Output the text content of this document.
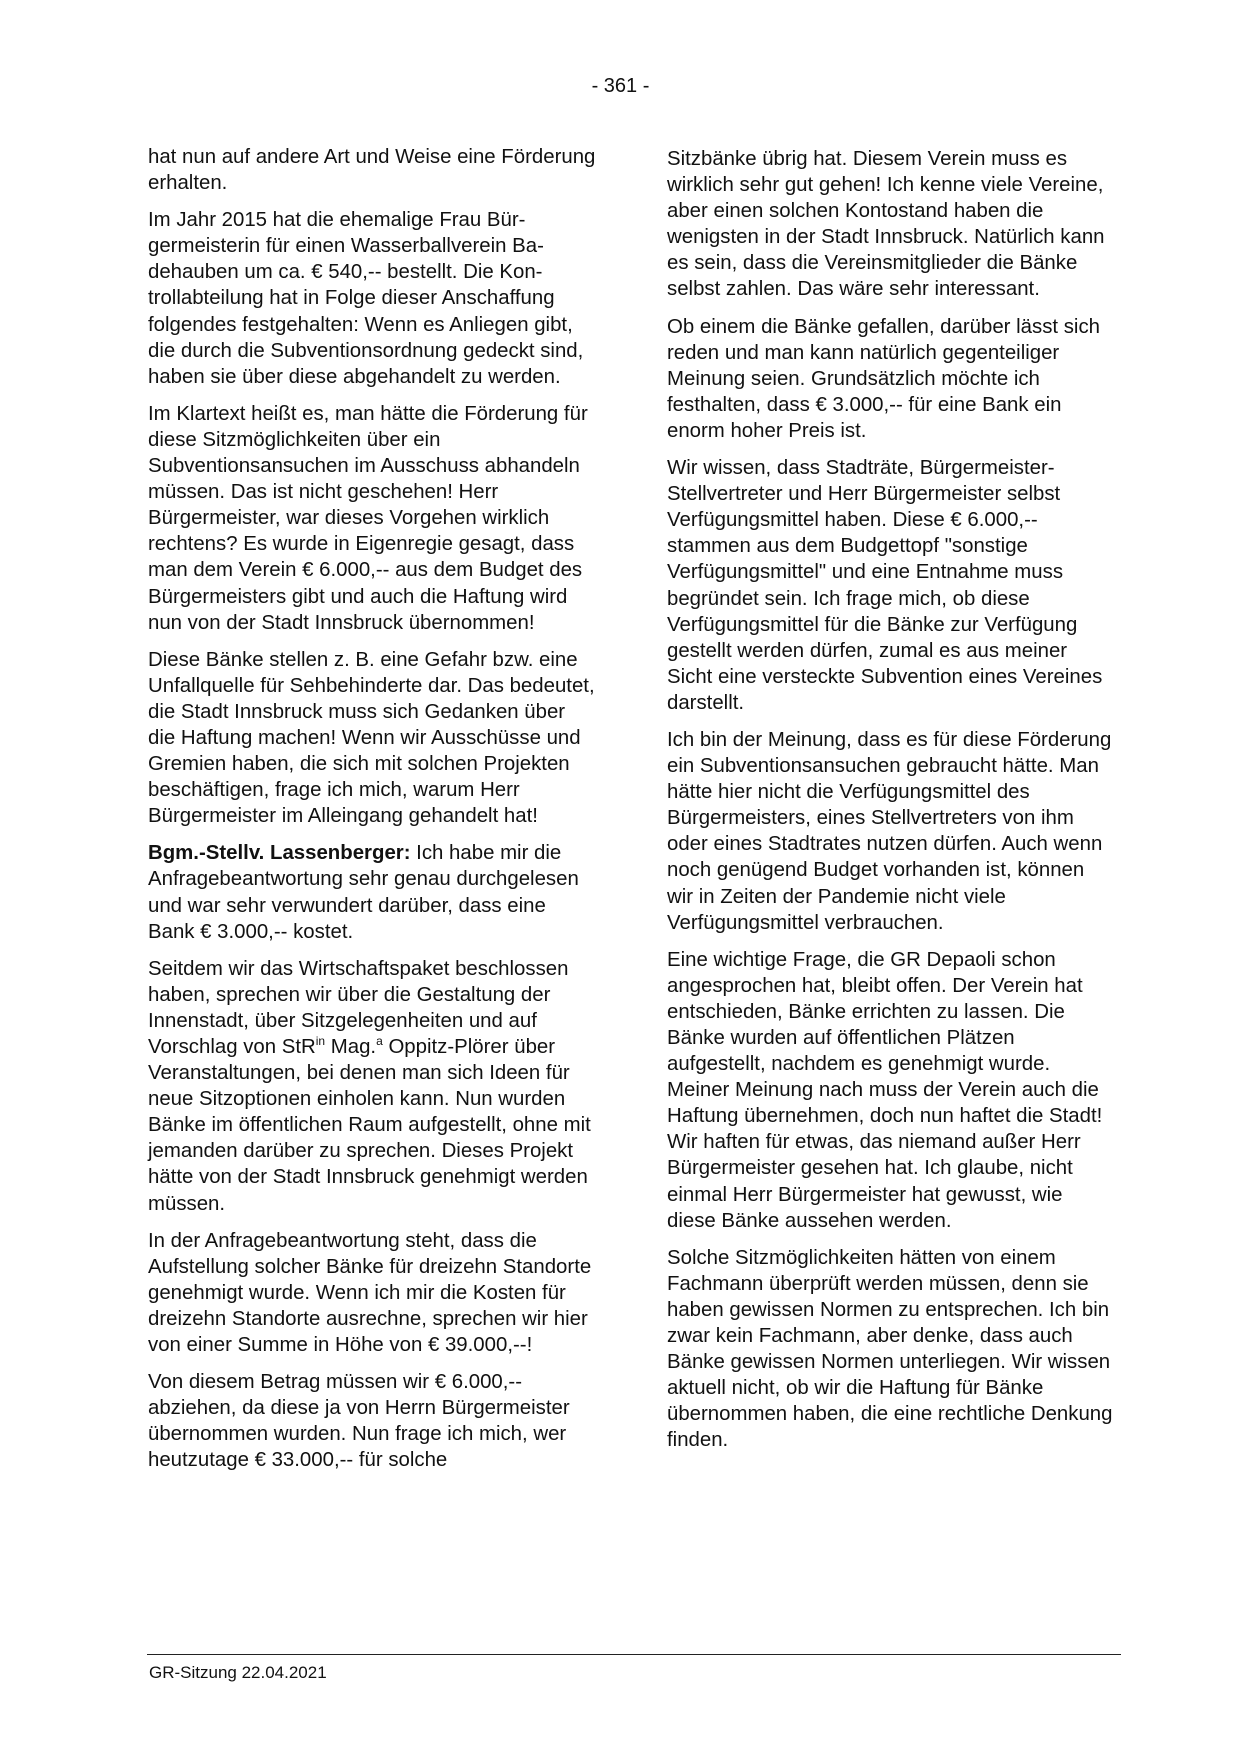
- 361 -

hat nun auf andere Art und Weise eine Förderung erhalten.

Im Jahr 2015 hat die ehemalige Frau Bürgermeisterin für einen Wasserballverein Badehauben um ca. € 540,-- bestellt. Die Kontrollabteilung hat in Folge dieser Anschaffung folgendes festgehalten: Wenn es Anliegen gibt, die durch die Subventionsordnung gedeckt sind, haben sie über diese abgehandelt zu werden.

Im Klartext heißt es, man hätte die Förderung für diese Sitzmöglichkeiten über ein Subventionsansuchen im Ausschuss abhandeln müssen. Das ist nicht geschehen! Herr Bürgermeister, war dieses Vorgehen wirklich rechtens? Es wurde in Eigenregie gesagt, dass man dem Verein € 6.000,-- aus dem Budget des Bürgermeisters gibt und auch die Haftung wird nun von der Stadt Innsbruck übernommen!

Diese Bänke stellen z. B. eine Gefahr bzw. eine Unfallquelle für Sehbehinderte dar. Das bedeutet, die Stadt Innsbruck muss sich Gedanken über die Haftung machen! Wenn wir Ausschüsse und Gremien haben, die sich mit solchen Projekten beschäftigen, frage ich mich, warum Herr Bürgermeister im Alleingang gehandelt hat!

Bgm.-Stellv. Lassenberger: Ich habe mir die Anfragebeantwortung sehr genau durchgelesen und war sehr verwundert darüber, dass eine Bank € 3.000,-- kostet.

Seitdem wir das Wirtschaftspaket beschlossen haben, sprechen wir über die Gestaltung der Innenstadt, über Sitzgelegenheiten und auf Vorschlag von StR$^{in}$ Mag.$^a$ Oppitz-Plörer über Veranstaltungen, bei denen man sich Ideen für neue Sitzoptionen einholen kann. Nun wurden Bänke im öffentlichen Raum aufgestellt, ohne mit jemanden darüber zu sprechen. Dieses Projekt hätte von der Stadt Innsbruck genehmigt werden müssen.

In der Anfragebeantwortung steht, dass die Aufstellung solcher Bänke für dreizehn Standorte genehmigt wurde. Wenn ich mir die Kosten für dreizehn Standorte ausrechne, sprechen wir hier von einer Summe in Höhe von € 39.000,--!

Von diesem Betrag müssen wir € 6.000,-- abziehen, da diese ja von Herrn Bürgermeister übernommen wurden. Nun frage ich mich, wer heutzutage € 33.000,-- für solche

Sitzbänke übrig hat. Diesem Verein muss es wirklich sehr gut gehen! Ich kenne viele Vereine, aber einen solchen Kontostand haben die wenigsten in der Stadt Innsbruck. Natürlich kann es sein, dass die Vereinsmitglieder die Bänke selbst zahlen. Das wäre sehr interessant.

Ob einem die Bänke gefallen, darüber lässt sich reden und man kann natürlich gegenteiliger Meinung seien. Grundsätzlich möchte ich festhalten, dass € 3.000,-- für eine Bank ein enorm hoher Preis ist.

Wir wissen, dass Stadträte, Bürgermeister-Stellvertreter und Herr Bürgermeister selbst Verfügungsmittel haben. Diese € 6.000,-- stammen aus dem Budgettopf "sonstige Verfügungsmittel" und eine Entnahme muss begründet sein. Ich frage mich, ob diese Verfügungsmittel für die Bänke zur Verfügung gestellt werden dürfen, zumal es aus meiner Sicht eine versteckte Subvention eines Vereines darstellt.

Ich bin der Meinung, dass es für diese Förderung ein Subventionsansuchen gebraucht hätte. Man hätte hier nicht die Verfügungsmittel des Bürgermeisters, eines Stellvertreters von ihm oder eines Stadtrates nutzen dürfen. Auch wenn noch genügend Budget vorhanden ist, können wir in Zeiten der Pandemie nicht viele Verfügungsmittel verbrauchen.

Eine wichtige Frage, die GR Depaoli schon angesprochen hat, bleibt offen. Der Verein hat entschieden, Bänke errichten zu lassen. Die Bänke wurden auf öffentlichen Plätzen aufgestellt, nachdem es genehmigt wurde. Meiner Meinung nach muss der Verein auch die Haftung übernehmen, doch nun haftet die Stadt! Wir haften für etwas, das niemand außer Herr Bürgermeister gesehen hat. Ich glaube, nicht einmal Herr Bürgermeister hat gewusst, wie diese Bänke aussehen werden.

Solche Sitzmöglichkeiten hätten von einem Fachmann überprüft werden müssen, denn sie haben gewissen Normen zu entsprechen. Ich bin zwar kein Fachmann, aber denke, dass auch Bänke gewissen Normen unterliegen. Wir wissen aktuell nicht, ob wir die Haftung für Bänke übernommen haben, die eine rechtliche Denkung finden.

GR-Sitzung 22.04.2021
